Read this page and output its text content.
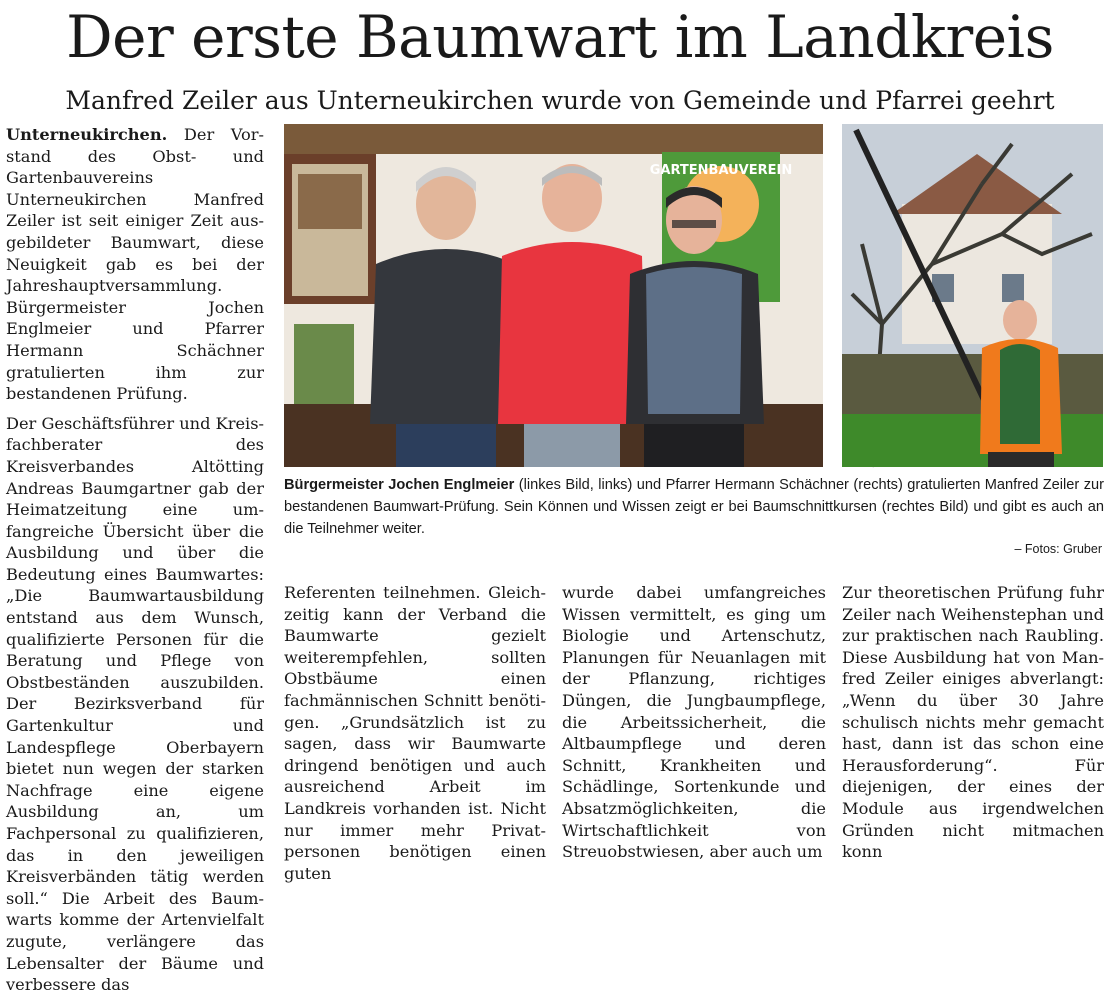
Der erste Baumwart im Landkreis
Manfred Zeiler aus Unterneukirchen wurde von Gemeinde und Pfarrei geehrt

Unterneukirchen. Der Vorstand des Obst- und Gartenbauvereins Unterneukirchen Manfred Zeiler ist seit einiger Zeit ausgebildeter Baumwart, diese Neuigkeit gab es bei der Jahreshauptversammlung. Bürgermeister Jochen Englmeier und Pfarrer Hermann Schächner gratulierten ihm zur bestandenen Prüfung.

Der Geschäftsführer und Kreisfachberater des Kreisverbandes Altötting Andreas Baumgartner gab der Heimatzeitung eine umfangreiche Übersicht über die Ausbildung und über die Bedeutung eines Baumwartes: „Die Baumwartausbildung entstand aus dem Wunsch, qualifizierte Personen für die Beratung und Pflege von Obstbeständen auszubilden. Der Bezirksverband für Gartenkultur und Landespflege Oberbayern bietet nun wegen der starken Nachfrage eine eigene Ausbildung an, um Fachpersonal zu qualifizieren, das in den jeweiligen Kreisverbänden tätig werden soll.“ Die Arbeit des Baumwarts komme der Artenvielfalt zugute, verlängere das Lebensalter der Bäume und verbessere das

GARTENBAUVEREIN
Bürgermeister Jochen Englmeier (linkes Bild, links) und Pfarrer Hermann Schächner (rechts) gratulierten Manfred Zeiler zur bestandenen Baumwart-Prüfung. Sein Können und Wissen zeigt er bei Baumschnittkursen (rechtes Bild) und gibt es auch an die Teilnehmer weiter.
– Fotos: Gruber

Referenten teilnehmen. Gleichzeitig kann der Verband die Baumwarte gezielt weiterempfehlen, sollten Obstbäume einen fachmännischen Schnitt benötigen. „Grundsätzlich ist zu sagen, dass wir Baumwarte dringend benötigen und auch ausreichend Arbeit im Landkreis vorhanden ist. Nicht nur immer mehr Privatpersonen benötigen einen guten

wurde dabei umfangreiches Wissen vermittelt, es ging um Biologie und Artenschutz, Planungen für Neuanlagen mit der Pflanzung, richtiges Düngen, die Jungbaumpflege, die Arbeitssicherheit, die Altbaumpflege und deren Schnitt, Krankheiten und Schädlinge, Sortenkunde und Absatzmöglichkeiten, die Wirtschaftlichkeit von Streuobstwiesen, aber auch um

Zur theoretischen Prüfung fuhr Zeiler nach Weihenstephan und zur praktischen nach Raubling. Diese Ausbildung hat von Manfred Zeiler einiges abverlangt: „Wenn du über 30 Jahre schulisch nichts mehr gemacht hast, dann ist das schon eine Herausforderung“. Für diejenigen, der eines der Module aus irgendwelchen Gründen nicht mitmachen konn
